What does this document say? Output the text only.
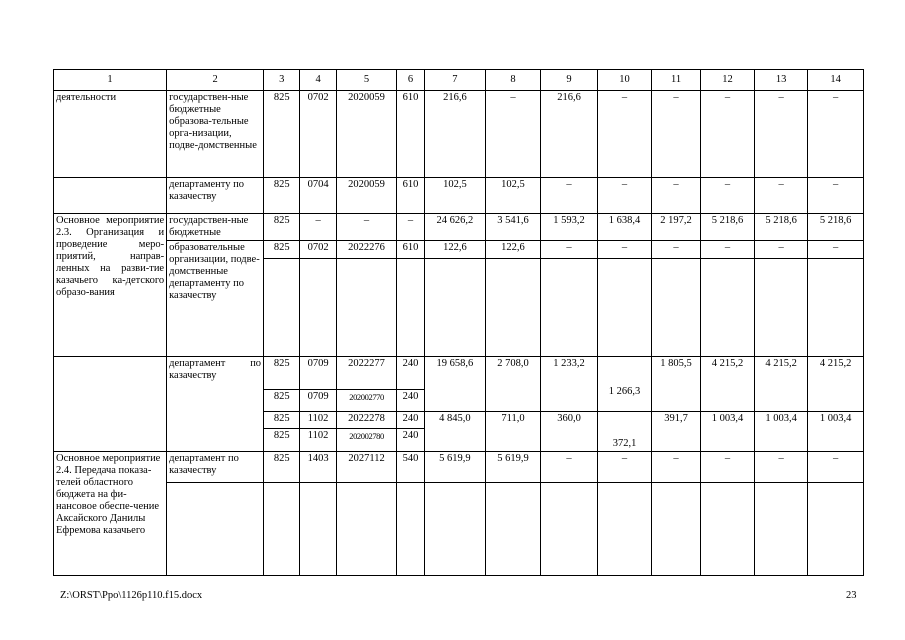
1	2	3	4	5	6	7	8	9	10	11	12	13	14
деятельности	государствен-ные бюджетные образова-тельные орга-низации, подве-домственные	825	0702	2020059	610	216,6	–	216,6	–	–	–	–	–
	департаменту по казачеству	825	0704	2020059	610	102,5	102,5	–	–	–	–	–	–
Основное мероприятие 2.3. Организация и проведение меро-приятий, направ-ленных на разви-тие казачьего ка-детского образо-вания	государствен-ные бюджетные	825	–	–	–	24 626,2	3 541,6	1 593,2	1 638,4	2 197,2	5 218,6	5 218,6	5 218,6
	образовательные организации, подве-домственные департаменту по казачеству	825	0702	2022276	610	122,6	122,6	–	–	–	–	–	–

	департамент по казачеству	825	0709	2022277	240	19 658,6	2 708,0	1 233,2	1 266,3	1 805,5	4 215,2	4 215,2	4 215,2
		825	0709	202002770	240								
		825	1102	2022278	240	4 845,0	711,0	360,0	372,1	391,7	1 003,4	1 003,4	1 003,4
		825	1102	202002780	240								
Основное мероприятие 2.4. Передача показа-телей областного бюджета на фи-нансовое обеспе-чение Аксайского Данилы Ефремова казачьего	департамент по казачеству	825	1403	2027112	540	5 619,9	5 619,9	–	–	–	–	–	–

Z:\ORST\Ppo\1126p110.f15.docx	23
